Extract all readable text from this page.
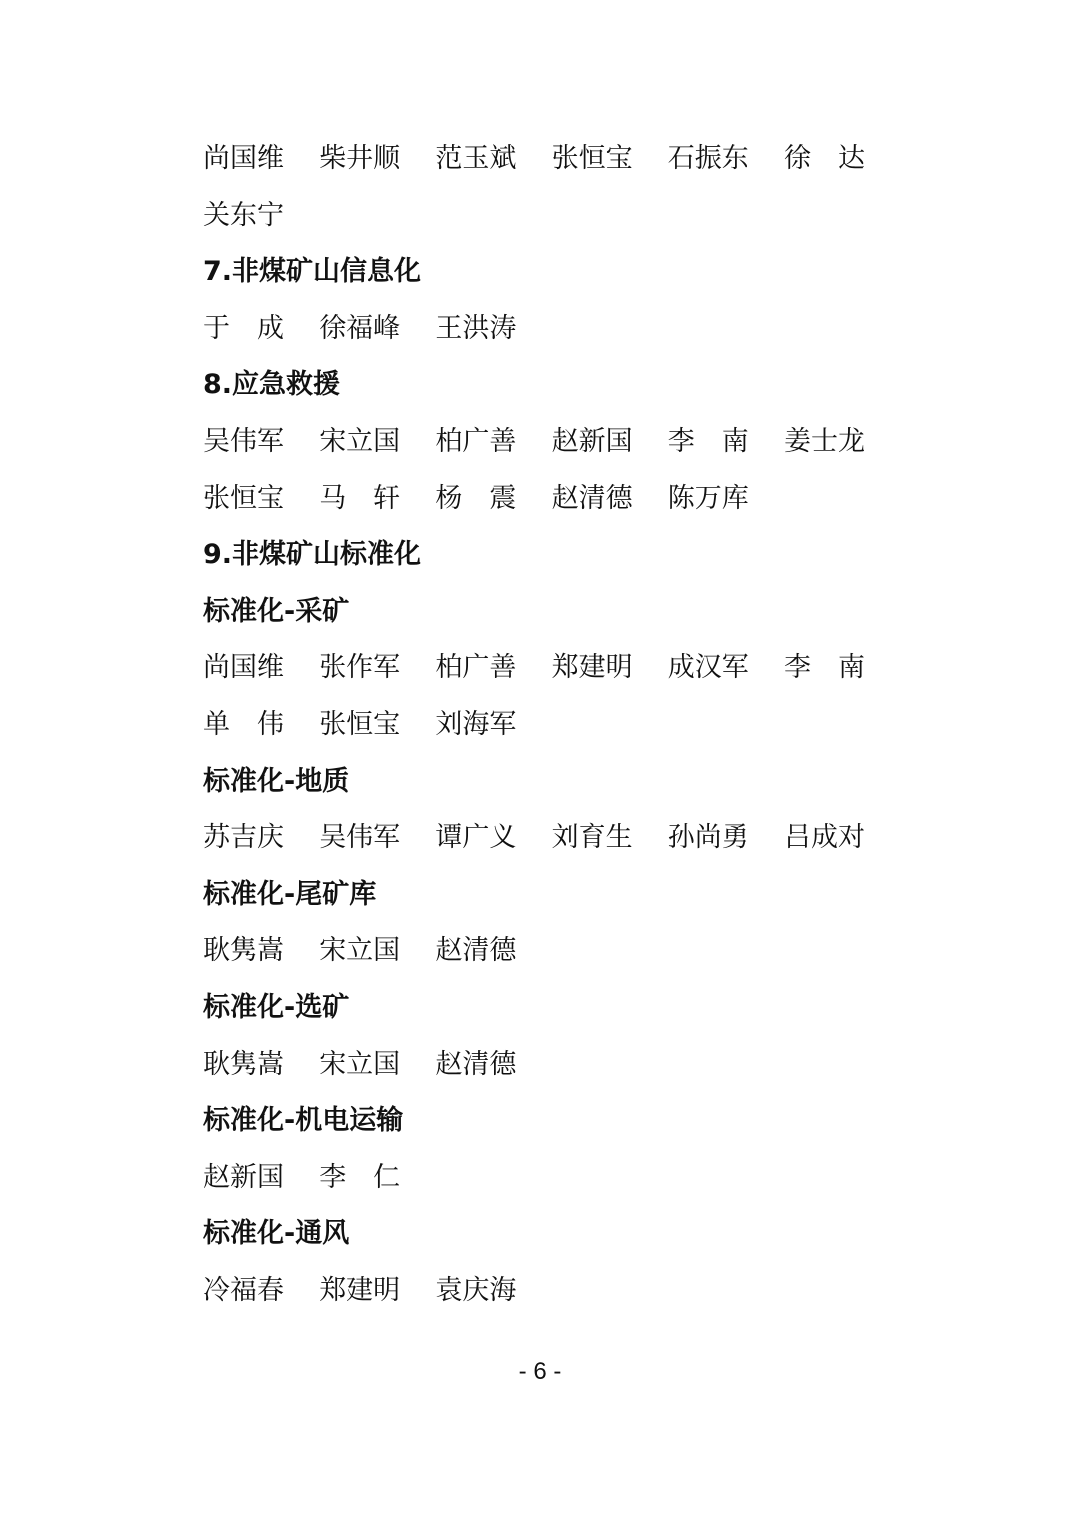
尚国维 柴井顺 范玉斌 张恒宝 石振东 徐　达
关东宁
7.非煤矿山信息化
于　成 徐福峰 王洪涛
8.应急救援
吴伟军 宋立国 柏广善 赵新国 李　南 姜士龙
张恒宝 马　轩 杨　震 赵清德 陈万库
9.非煤矿山标准化
标准化-采矿
尚国维 张作军 柏广善 郑建明 成汉军 李　南
单　伟 张恒宝 刘海军
标准化-地质
苏吉庆 吴伟军 谭广义 刘育生 孙尚勇 吕成对
标准化-尾矿库
耿隽嵩 宋立国 赵清德
标准化-选矿
耿隽嵩 宋立国 赵清德
标准化-机电运输
赵新国 李　仁
标准化-通风
冷福春 郑建明 袁庆海
- 6 -
